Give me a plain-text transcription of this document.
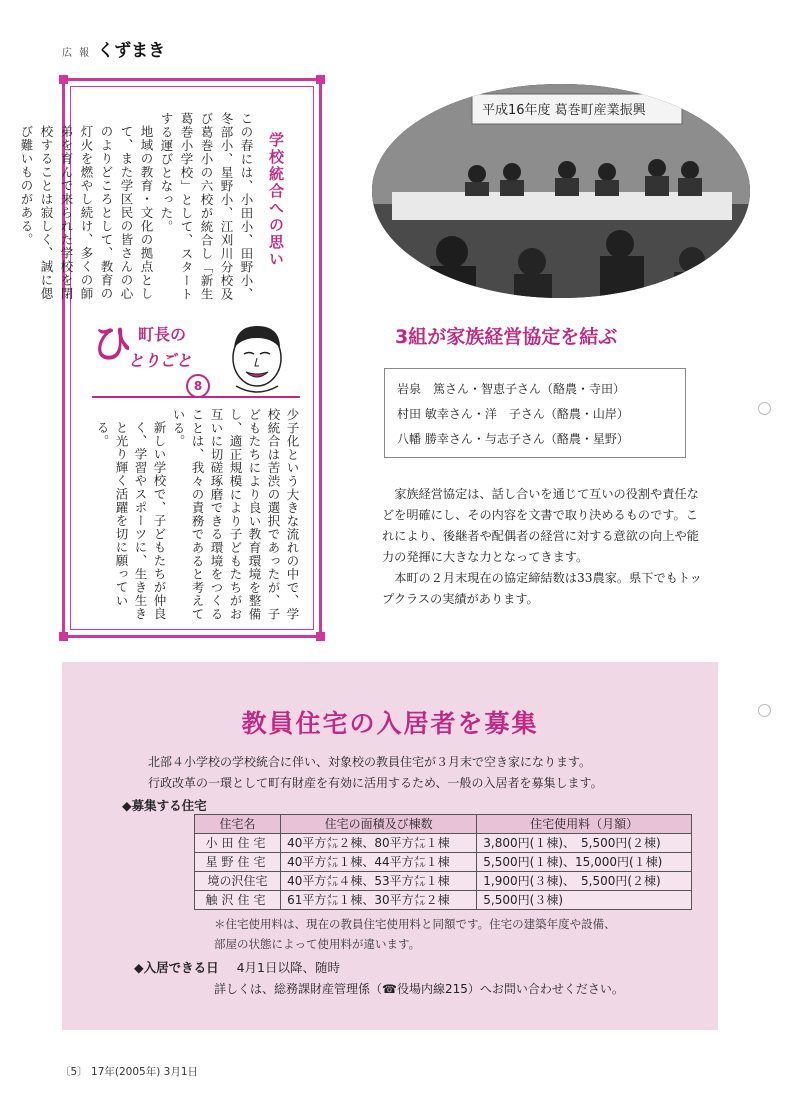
広 報 くずまき
学校統合への思い
この春には、小田小、田野小、冬部小、星野小、江刈川分校及び葛巻小の六校が統合し「新生葛巻小学校」として、スタートする運びとなった。
地域の教育・文化の拠点として、また学区民の皆さんの心のよりどころとして、教育の灯火を燃やし続け、多くの師弟を育んで来られた学校を閉校することは寂しく、誠に偲び難いものがある。
ひ 町長の
とりごと
8
少子化という大きな流れの中で、学校統合は苦渋の選択であったが、子どもたちにより良い教育環境を整備し、適正規模により子どもたちがお互いに切磋琢磨できる環境をつくることは、我々の責務であると考えている。
新しい学校で、子どもたちが仲良く、学習やスポーツに、生き生きと光り輝く活躍を切に願っている。
平成16年度 葛巻町産業振興
3組が家族経営協定を結ぶ
岩泉　篤さん・智恵子さん（酪農・寺田）
村田 敏幸さん・洋　子さん（酪農・山岸）
八幡 勝幸さん・与志子さん（酪農・星野）

家族経営協定は、話し合いを通じて互いの役割や責任などを明確にし、その内容を文書で取り決めるものです。これにより、後継者や配偶者の経営に対する意欲の向上や能力の発揮に大きな力となってきます。

本町の２月末現在の協定締結数は33農家。県下でもトップクラスの実績があります。

教員住宅の入居者を募集

北部４小学校の学校統合に伴い、対象校の教員住宅が３月末で空き家になります。

行政改革の一環として町有財産を有効に活用するため、一般の入居者を募集します。

◆募集する住宅
住宅名	住宅の面積及び棟数	住宅使用料（月額）
小田住宅	40平方㍍２棟、80平方㍍１棟	3,800円(１棟)、　5,500円(２棟)
星野住宅	40平方㍍１棟、44平方㍍１棟	5,500円(１棟)、15,000円(１棟)
境の沢住宅	40平方㍍４棟、53平方㍍１棟	1,900円(３棟)、　5,500円(２棟)
触沢住宅	61平方㍍１棟、30平方㍍２棟	5,500円(３棟)

＊住宅使用料は、現在の教員住宅使用料と同額です。住宅の建築年度や設備、

部屋の状態によって使用料が違います。

◆入居できる日 4月1日以降、随時
詳しくは、総務課財産管理係（☎役場内線215）へお問い合わせください。
〔5〕 17年(2005年) 3月1日
